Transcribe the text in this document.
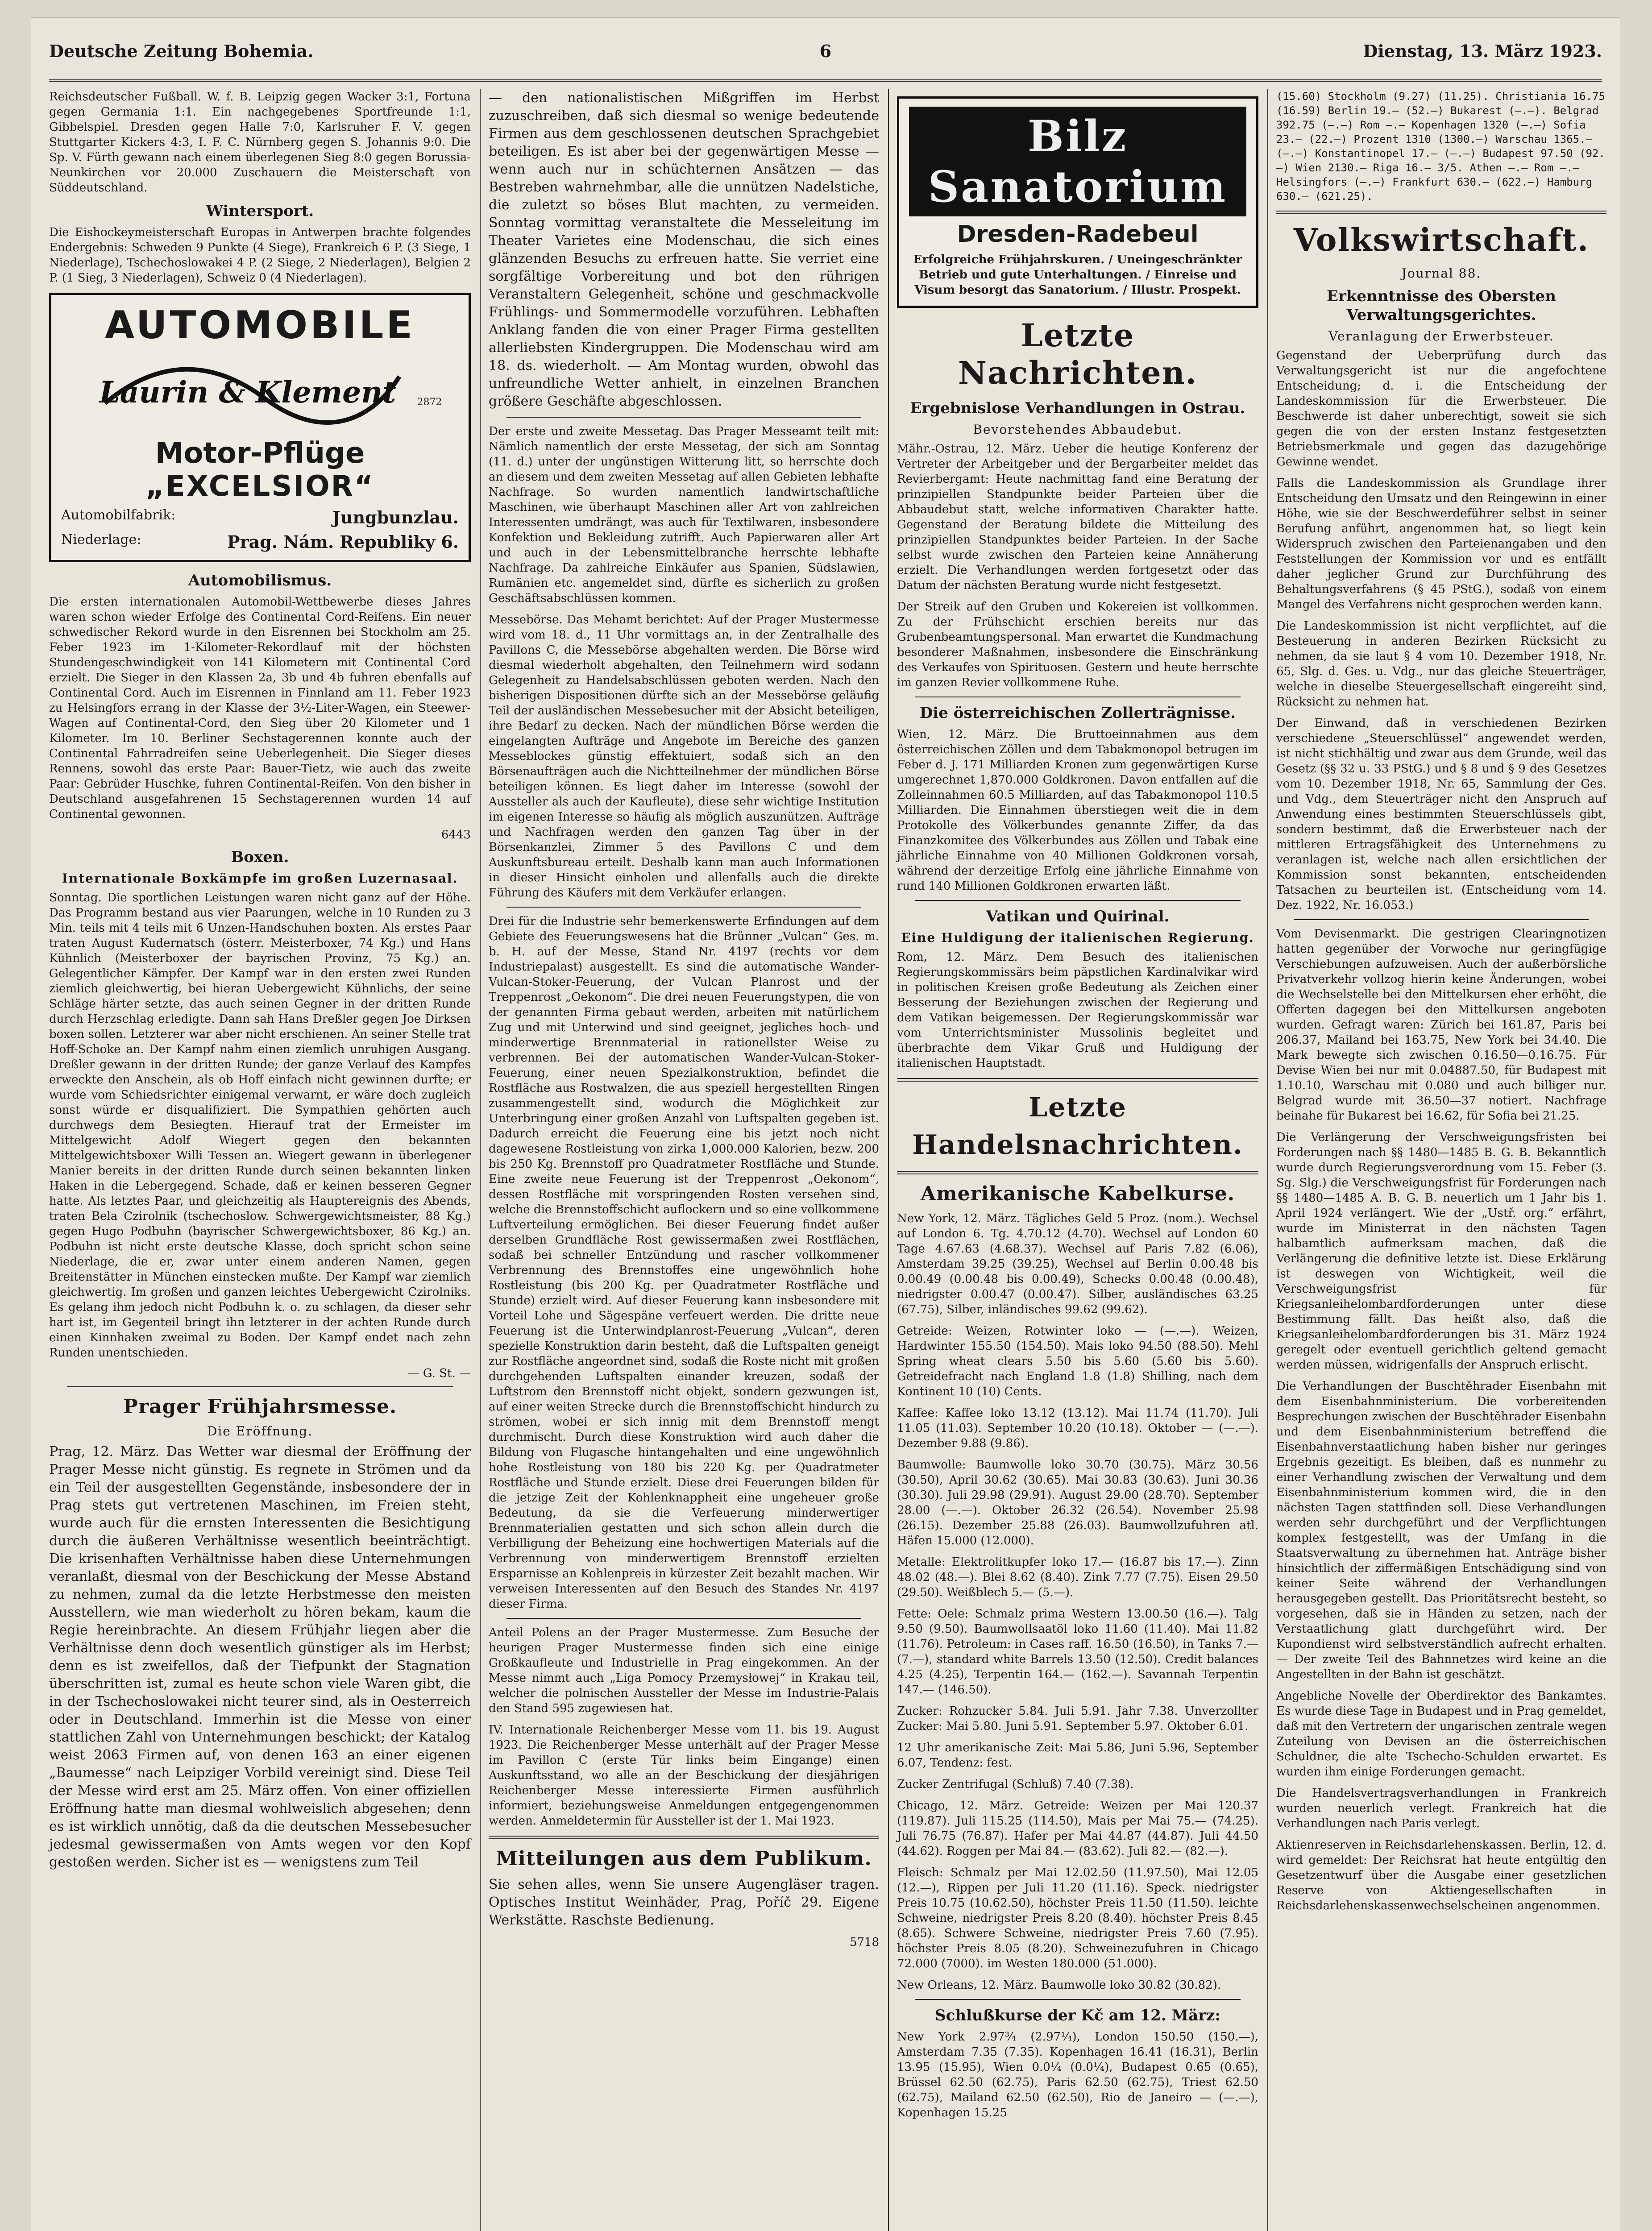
Deutsche Zeitung Bohemia.	6	Dienstag, 13. März 1923.

Reichsdeutscher Fußball. W. f. B. Leipzig gegen Wacker 3:1, Fortuna gegen Germania 1:1. Ein nachgegebenes Sportfreunde 1:1, Gibbelspiel. Dresden gegen Halle 7:0, Karlsruher F. V. gegen Stuttgarter Kickers 4:3, I. F. C. Nürnberg gegen S. Johannis 9:0. Die Sp. V. Fürth gewann nach einem überlegenen Sieg 8:0 gegen Borussia-Neunkirchen vor 20.000 Zuschauern die Meisterschaft von Süddeutschland.

Wintersport.

Die Eishockeymeisterschaft Europas in Antwerpen brachte folgendes Endergebnis: Schweden 9 Punkte (4 Siege), Frankreich 6 P. (3 Siege, 1 Niederlage), Tschechoslowakei 4 P. (2 Siege, 2 Niederlagen), Belgien 2 P. (1 Sieg, 3 Niederlagen), Schweiz 0 (4 Niederlagen).

AUTOMOBILE
Laurin & Klement 2872
Motor-Pflüge
„EXCELSIOR“
Automobilfabrik:	Jungbunzlau.
Niederlage:	Prag. Nám. Republiky 6.
Automobilismus.

Die ersten internationalen Automobil-Wettbewerbe dieses Jahres waren schon wieder Erfolge des Continental Cord-Reifens. Ein neuer schwedischer Rekord wurde in den Eisrennen bei Stockholm am 25. Feber 1923 im 1-Kilometer-Rekordlauf mit der höchsten Stundengeschwindigkeit von 141 Kilometern mit Continental Cord erzielt. Die Sieger in den Klassen 2a, 3b und 4b fuhren ebenfalls auf Continental Cord. Auch im Eisrennen in Finnland am 11. Feber 1923 zu Helsingfors errang in der Klasse der 3½-Liter-Wagen, ein Steewer-Wagen auf Continental-Cord, den Sieg über 20 Kilometer und 1 Kilometer. Im 10. Berliner Sechstagerennen konnte auch der Continental Fahrradreifen seine Ueberlegenheit. Die Sieger dieses Rennens, sowohl das erste Paar: Bauer-Tietz, wie auch das zweite Paar: Gebrüder Huschke, fuhren Continental-Reifen. Von den bisher in Deutschland ausgefahrenen 15 Sechstagerennen wurden 14 auf Continental gewonnen.

6443
Boxen.
Internationale Boxkämpfe im großen Luzernasaal.

Sonntag. Die sportlichen Leistungen waren nicht ganz auf der Höhe. Das Programm bestand aus vier Paarungen, welche in 10 Runden zu 3 Min. teils mit 4 teils mit 6 Unzen-Handschuhen boxten. Als erstes Paar traten August Kudernatsch (österr. Meisterboxer, 74 Kg.) und Hans Kühnlich (Meisterboxer der bayrischen Provinz, 75 Kg.) an. Gelegentlicher Kämpfer. Der Kampf war in den ersten zwei Runden ziemlich gleichwertig, bei hieran Uebergewicht Kühnlichs, der seine Schläge härter setzte, das auch seinen Gegner in der dritten Runde durch Herzschlag erledigte. Dann sah Hans Dreßler gegen Joe Dirksen boxen sollen. Letzterer war aber nicht erschienen. An seiner Stelle trat Hoff-Schoke an. Der Kampf nahm einen ziemlich unruhigen Ausgang. Dreßler gewann in der dritten Runde; der ganze Verlauf des Kampfes erweckte den Anschein, als ob Hoff einfach nicht gewinnen durfte; er wurde vom Schiedsrichter einigemal verwarnt, er wäre doch zugleich sonst würde er disqualifiziert. Die Sympathien gehörten auch durchwegs dem Besiegten. Hierauf trat der Ermeister im Mittelgewicht Adolf Wiegert gegen den bekannten Mittelgewichtsboxer Willi Tessen an. Wiegert gewann in überlegener Manier bereits in der dritten Runde durch seinen bekannten linken Haken in die Lebergegend. Schade, daß er keinen besseren Gegner hatte. Als letztes Paar, und gleichzeitig als Hauptereignis des Abends, traten Bela Czirolnik (tschechoslow. Schwergewichtsmeister, 88 Kg.) gegen Hugo Podbuhn (bayrischer Schwergewichtsboxer, 86 Kg.) an. Podbuhn ist nicht erste deutsche Klasse, doch spricht schon seine Niederlage, die er, zwar unter einem anderen Namen, gegen Breitenstätter in München einstecken mußte. Der Kampf war ziemlich gleichwertig. Im großen und ganzen leichtes Uebergewicht Czirolniks. Es gelang ihm jedoch nicht Podbuhn k. o. zu schlagen, da dieser sehr hart ist, im Gegenteil bringt ihn letzterer in der achten Runde durch einen Kinnhaken zweimal zu Boden. Der Kampf endet nach zehn Runden unentschieden.

— G. St. —
Prager Frühjahrsmesse.
Die Eröffnung.

Prag, 12. März. Das Wetter war diesmal der Eröffnung der Prager Messe nicht günstig. Es regnete in Strömen und da ein Teil der ausgestellten Gegenstände, insbesondere der in Prag stets gut vertretenen Maschinen, im Freien steht, wurde auch für die ernsten Interessenten die Besichtigung durch die äußeren Verhältnisse wesentlich beeinträchtigt. Die krisenhaften Verhältnisse haben diese Unternehmungen veranlaßt, diesmal von der Beschickung der Messe Abstand zu nehmen, zumal da die letzte Herbstmesse den meisten Ausstellern, wie man wiederholt zu hören bekam, kaum die Regie hereinbrachte. An diesem Frühjahr liegen aber die Verhältnisse denn doch wesentlich günstiger als im Herbst; denn es ist zweifellos, daß der Tiefpunkt der Stagnation überschritten ist, zumal es heute schon viele Waren gibt, die in der Tschechoslowakei nicht teurer sind, als in Oesterreich oder in Deutschland. Immerhin ist die Messe von einer stattlichen Zahl von Unternehmungen beschickt; der Katalog weist 2063 Firmen auf, von denen 163 an einer eigenen „Baumesse“ nach Leipziger Vorbild vereinigt sind. Diese Teil der Messe wird erst am 25. März offen. Von einer offiziellen Eröffnung hatte man diesmal wohlweislich abgesehen; denn es ist wirklich unnötig, daß da die deutschen Messebesucher jedesmal gewissermaßen von Amts wegen vor den Kopf gestoßen werden. Sicher ist es — wenigstens zum Teil

— den nationalistischen Mißgriffen im Herbst zuzuschreiben, daß sich diesmal so wenige bedeutende Firmen aus dem geschlossenen deutschen Sprachgebiet beteiligen. Es ist aber bei der gegenwärtigen Messe — wenn auch nur in schüchternen Ansätzen — das Bestreben wahrnehmbar, alle die unnützen Nadelstiche, die zuletzt so böses Blut machten, zu vermeiden. Sonntag vormittag veranstaltete die Messeleitung im Theater Varietes eine Modenschau, die sich eines glänzenden Besuchs zu erfreuen hatte. Sie verriet eine sorgfältige Vorbereitung und bot den rührigen Veranstaltern Gelegenheit, schöne und geschmackvolle Frühlings- und Sommermodelle vorzuführen. Lebhaften Anklang fanden die von einer Prager Firma gestellten allerliebsten Kindergruppen. Die Modenschau wird am 18. ds. wiederholt. — Am Montag wurden, obwohl das unfreundliche Wetter anhielt, in einzelnen Branchen größere Geschäfte abgeschlossen.

Der erste und zweite Messetag. Das Prager Messeamt teilt mit: Nämlich namentlich der erste Messetag, der sich am Sonntag (11. d.) unter der ungünstigen Witterung litt, so herrschte doch an diesem und dem zweiten Messetag auf allen Gebieten lebhafte Nachfrage. So wurden namentlich landwirtschaftliche Maschinen, wie überhaupt Maschinen aller Art von zahlreichen Interessenten umdrängt, was auch für Textilwaren, insbesondere Konfektion und Bekleidung zutrifft. Auch Papierwaren aller Art und auch in der Lebensmittelbranche herrschte lebhafte Nachfrage. Da zahlreiche Einkäufer aus Spanien, Südslawien, Rumänien etc. angemeldet sind, dürfte es sicherlich zu großen Geschäftsabschlüssen kommen.

Messebörse. Das Mehamt berichtet: Auf der Prager Mustermesse wird vom 18. d., 11 Uhr vormittags an, in der Zentralhalle des Pavillons C, die Messebörse abgehalten werden. Die Börse wird diesmal wiederholt abgehalten, den Teilnehmern wird sodann Gelegenheit zu Handelsabschlüssen geboten werden. Nach den bisherigen Dispositionen dürfte sich an der Messebörse geläufig Teil der ausländischen Messebesucher mit der Absicht beteiligen, ihre Bedarf zu decken. Nach der mündlichen Börse werden die eingelangten Aufträge und Angebote im Bereiche des ganzen Messeblockes günstig effektuiert, sodaß sich an den Börsenaufträgen auch die Nichtteilnehmer der mündlichen Börse beteiligen können. Es liegt daher im Interesse (sowohl der Aussteller als auch der Kaufleute), diese sehr wichtige Institution im eigenen Interesse so häufig als möglich auszunützen. Aufträge und Nachfragen werden den ganzen Tag über in der Börsenkanzlei, Zimmer 5 des Pavillons C und dem Auskunftsbureau erteilt. Deshalb kann man auch Informationen in dieser Hinsicht einholen und allenfalls auch die direkte Führung des Käufers mit dem Verkäufer erlangen.

Drei für die Industrie sehr bemerkenswerte Erfindungen auf dem Gebiete des Feuerungswesens hat die Brünner „Vulcan“ Ges. m. b. H. auf der Messe, Stand Nr. 4197 (rechts vor dem Industriepalast) ausgestellt. Es sind die automatische Wander-Vulcan-Stoker-Feuerung, der Vulcan Planrost und der Treppenrost „Oekonom“. Die drei neuen Feuerungstypen, die von der genannten Firma gebaut werden, arbeiten mit natürlichem Zug und mit Unterwind und sind geeignet, jegliches hoch- und minderwertige Brennmaterial in rationellster Weise zu verbrennen. Bei der automatischen Wander-Vulcan-Stoker-Feuerung, einer neuen Spezialkonstruktion, befindet die Rostfläche aus Rostwalzen, die aus speziell hergestellten Ringen zusammengestellt sind, wodurch die Möglichkeit zur Unterbringung einer großen Anzahl von Luftspalten gegeben ist. Dadurch erreicht die Feuerung eine bis jetzt noch nicht dagewesene Rostleistung von zirka 1,000.000 Kalorien, bezw. 200 bis 250 Kg. Brennstoff pro Quadratmeter Rostfläche und Stunde. Eine zweite neue Feuerung ist der Treppenrost „Oekonom“, dessen Rostfläche mit vorspringenden Rosten versehen sind, welche die Brennstoffschicht auflockern und so eine vollkommene Luftverteilung ermöglichen. Bei dieser Feuerung findet außer derselben Grundfläche Rost gewissermaßen zwei Rostflächen, sodaß bei schneller Entzündung und rascher vollkommener Verbrennung des Brennstoffes eine ungewöhnlich hohe Rostleistung (bis 200 Kg. per Quadratmeter Rostfläche und Stunde) erzielt wird. Auf dieser Feuerung kann insbesondere mit Vorteil Lohe und Sägespäne verfeuert werden. Die dritte neue Feuerung ist die Unterwindplanrost-Feuerung „Vulcan“, deren spezielle Konstruktion darin besteht, daß die Luftspalten geneigt zur Rostfläche angeordnet sind, sodaß die Roste nicht mit großen durchgehenden Luftspalten einander kreuzen, sodaß der Luftstrom den Brennstoff nicht objekt, sondern gezwungen ist, auf einer weiten Strecke durch die Brennstoffschicht hindurch zu strömen, wobei er sich innig mit dem Brennstoff mengt durchmischt. Durch diese Konstruktion wird auch daher die Bildung von Flugasche hintangehalten und eine ungewöhnlich hohe Rostleistung von 180 bis 220 Kg. per Quadratmeter Rostfläche und Stunde erzielt. Diese drei Feuerungen bilden für die jetzige Zeit der Kohlenknappheit eine ungeheuer große Bedeutung, da sie die Verfeuerung minderwertiger Brennmaterialien gestatten und sich schon allein durch die Verbilligung der Beheizung eine hochwertigen Materials auf die Verbrennung von minderwertigem Brennstoff erzielten Ersparnisse an Kohlenpreis in kürzester Zeit bezahlt machen. Wir verweisen Interessenten auf den Besuch des Standes Nr. 4197 dieser Firma.

Anteil Polens an der Prager Mustermesse. Zum Besuche der heurigen Prager Mustermesse finden sich eine einige Großkaufleute und Industrielle in Prag eingekommen. An der Messe nimmt auch „Liga Pomocy Przemysłowej“ in Krakau teil, welcher die polnischen Aussteller der Messe im Industrie-Palais den Stand 595 zugewiesen hat.

IV. Internationale Reichenberger Messe vom 11. bis 19. August 1923. Die Reichenberger Messe unterhält auf der Prager Messe im Pavillon C (erste Tür links beim Eingange) einen Auskunftsstand, wo alle an der Beschickung der diesjährigen Reichenberger Messe interessierte Firmen ausführlich informiert, beziehungsweise Anmeldungen entgegengenommen werden. Anmeldetermin für Aussteller ist der 1. Mai 1923.

Mitteilungen aus dem Publikum.

Sie sehen alles, wenn Sie unsere Augengläser tragen. Optisches Institut Weinhäder, Prag, Poříč 29. Eigene Werkstätte. Raschste Bedienung.

5718
Bilz Sanatorium
Dresden-Radebeul
Erfolgreiche Frühjahrskuren. / Uneingeschränkter Betrieb und gute Unterhaltungen. / Einreise und Visum besorgt das Sanatorium. / Illustr. Prospekt.
Letzte Nachrichten.
Ergebnislose Verhandlungen in Ostrau.
Bevorstehendes Abbaudebut.

Mähr.-Ostrau, 12. März. Ueber die heutige Konferenz der Vertreter der Arbeitgeber und der Bergarbeiter meldet das Revierbergamt: Heute nachmittag fand eine Beratung der prinzipiellen Standpunkte beider Parteien über die Abbaudebut statt, welche informativen Charakter hatte. Gegenstand der Beratung bildete die Mitteilung des prinzipiellen Standpunktes beider Parteien. In der Sache selbst wurde zwischen den Parteien keine Annäherung erzielt. Die Verhandlungen werden fortgesetzt oder das Datum der nächsten Beratung wurde nicht festgesetzt.

Der Streik auf den Gruben und Kokereien ist vollkommen. Zu der Frühschicht erschien bereits nur das Grubenbeamtungspersonal. Man erwartet die Kundmachung besonderer Maßnahmen, insbesondere die Einschränkung des Verkaufes von Spirituosen. Gestern und heute herrschte im ganzen Revier vollkommene Ruhe.

Die österreichischen Zollerträgnisse.

Wien, 12. März. Die Bruttoeinnahmen aus dem österreichischen Zöllen und dem Tabakmonopol betrugen im Feber d. J. 171 Milliarden Kronen zum gegenwärtigen Kurse umgerechnet 1,870.000 Goldkronen. Davon entfallen auf die Zolleinnahmen 60.5 Milliarden, auf das Tabakmonopol 110.5 Milliarden. Die Einnahmen überstiegen weit die in dem Protokolle des Völkerbundes genannte Ziffer, da das Finanzkomitee des Völkerbundes aus Zöllen und Tabak eine jährliche Einnahme von 40 Millionen Goldkronen vorsah, während der derzeitige Erfolg eine jährliche Einnahme von rund 140 Millionen Goldkronen erwarten läßt.

Vatikan und Quirinal.
Eine Huldigung der italienischen Regierung.

Rom, 12. März. Dem Besuch des italienischen Regierungskommissärs beim päpstlichen Kardinalvikar wird in politischen Kreisen große Bedeutung als Zeichen einer Besserung der Beziehungen zwischen der Regierung und dem Vatikan beigemessen. Der Regierungskommissär war vom Unterrichtsminister Mussolinis begleitet und überbrachte dem Vikar Gruß und Huldigung der italienischen Hauptstadt.

Letzte Handelsnachrichten.
Amerikanische Kabelkurse.

New York, 12. März. Tägliches Geld 5 Proz. (nom.). Wechsel auf London 6. Tg. 4.70.12 (4.70). Wechsel auf London 60 Tage 4.67.63 (4.68.37). Wechsel auf Paris 7.82 (6.06), Amsterdam 39.25 (39.25), Wechsel auf Berlin 0.00.48 bis 0.00.49 (0.00.48 bis 0.00.49), Schecks 0.00.48 (0.00.48), niedrigster 0.00.47 (0.00.47). Silber, ausländisches 63.25 (67.75), Silber, inländisches 99.62 (99.62).

Getreide: Weizen, Rotwinter loko — (—.—). Weizen, Hardwinter 155.50 (154.50). Mais loko 94.50 (88.50). Mehl Spring wheat clears 5.50 bis 5.60 (5.60 bis 5.60). Getreidefracht nach England 1.8 (1.8) Shilling, nach dem Kontinent 10 (10) Cents.

Kaffee: Kaffee loko 13.12 (13.12). Mai 11.74 (11.70). Juli 11.05 (11.03). September 10.20 (10.18). Oktober — (—.—). Dezember 9.88 (9.86).

Baumwolle: Baumwolle loko 30.70 (30.75). März 30.56 (30.50), April 30.62 (30.65). Mai 30.83 (30.63). Juni 30.36 (30.30). Juli 29.98 (29.91). August 29.00 (28.70). September 28.00 (—.—). Oktober 26.32 (26.54). November 25.98 (26.15). Dezember 25.88 (26.03). Baumwollzufuhren atl. Häfen 15.000 (12.000).

Metalle: Elektrolitkupfer loko 17.— (16.87 bis 17.—). Zinn 48.02 (48.—). Blei 8.62 (8.40). Zink 7.77 (7.75). Eisen 29.50 (29.50). Weißblech 5.— (5.—).

Fette: Oele: Schmalz prima Western 13.00.50 (16.—). Talg 9.50 (9.50). Baumwollsaatöl loko 11.60 (11.40). Mai 11.82 (11.76). Petroleum: in Cases raff. 16.50 (16.50), in Tanks 7.— (7.—), standard white Barrels 13.50 (12.50). Credit balances 4.25 (4.25), Terpentin 164.— (162.—). Savannah Terpentin 147.— (146.50).

Zucker: Rohzucker 5.84. Juli 5.91. Jahr 7.38. Unverzollter Zucker: Mai 5.80. Juni 5.91. September 5.97. Oktober 6.01.

12 Uhr amerikanische Zeit: Mai 5.86, Juni 5.96, September 6.07, Tendenz: fest.

Zucker Zentrifugal (Schluß) 7.40 (7.38).

Chicago, 12. März. Getreide: Weizen per Mai 120.37 (119.87). Juli 115.25 (114.50), Mais per Mai 75.— (74.25). Juli 76.75 (76.87). Hafer per Mai 44.87 (44.87). Juli 44.50 (44.62). Roggen per Mai 84.— (83.62). Juli 82.— (82.—).

Fleisch: Schmalz per Mai 12.02.50 (11.97.50), Mai 12.05 (12.—), Rippen per Juli 11.20 (11.16). Speck. niedrigster Preis 10.75 (10.62.50), höchster Preis 11.50 (11.50). leichte Schweine, niedrigster Preis 8.20 (8.40). höchster Preis 8.45 (8.65). Schwere Schweine, niedrigster Preis 7.60 (7.95). höchster Preis 8.05 (8.20). Schweinezufuhren in Chicago 72.000 (7000). im Westen 180.000 (51.000).

New Orleans, 12. März. Baumwolle loko 30.82 (30.82).

Schlußkurse der Kč am 12. März:

New York 2.97¾ (2.97¼), London 150.50 (150.—), Amsterdam 7.35 (7.35). Kopenhagen 16.41 (16.31), Berlin 13.95 (15.95), Wien 0.0¼ (0.0¼), Budapest 0.65 (0.65), Brüssel 62.50 (62.75), Paris 62.50 (62.75), Triest 62.50 (62.75), Mailand 62.50 (62.50), Rio de Janeiro — (—.—), Kopenhagen 15.25

(15.60) Stockholm (9.27) (11.25). Christiania 16.75 (16.59) Berlin 19.— (52.—) Bukarest (—.—). Belgrad 392.75 (—.—) Rom —.— Kopenhagen 1320 (—.—) Sofia 23.— (22.—) Prozent 1310 (1300.—) Warschau 1365.— (—.—) Konstantinopel 17.— (—.—) Budapest 97.50 (92.—) Wien 2130.— Riga 16.— 3/5. Athen —.— Rom —.— Helsingfors (—.—) Frankfurt 630.— (622.—) Hamburg 630.— (621.25).
Volkswirtschaft.
Journal 88.
Erkenntnisse des Obersten Verwaltungsgerichtes.
Veranlagung der Erwerbsteuer.

Gegenstand der Ueberprüfung durch das Verwaltungsgericht ist nur die angefochtene Entscheidung; d. i. die Entscheidung der Landeskommission für die Erwerbsteuer. Die Beschwerde ist daher unberechtigt, soweit sie sich gegen die von der ersten Instanz festgesetzten Betriebsmerkmale und gegen das dazugehörige Gewinne wendet.

Falls die Landeskommission als Grundlage ihrer Entscheidung den Umsatz und den Reingewinn in einer Höhe, wie sie der Beschwerdeführer selbst in seiner Berufung anführt, angenommen hat, so liegt kein Widerspruch zwischen den Parteienangaben und den Feststellungen der Kommission vor und es entfällt daher jeglicher Grund zur Durchführung des Behaltungsverfahrens (§ 45 PStG.), sodaß von einem Mangel des Verfahrens nicht gesprochen werden kann.

Die Landeskommission ist nicht verpflichtet, auf die Besteuerung in anderen Bezirken Rücksicht zu nehmen, da sie laut § 4 vom 10. Dezember 1918, Nr. 65, Slg. d. Ges. u. Vdg., nur das gleiche Steuerträger, welche in dieselbe Steuergesellschaft eingereiht sind, Rücksicht zu nehmen hat.

Der Einwand, daß in verschiedenen Bezirken verschiedene „Steuerschlüssel“ angewendet werden, ist nicht stichhältig und zwar aus dem Grunde, weil das Gesetz (§§ 32 u. 33 PStG.) und § 8 und § 9 des Gesetzes vom 10. Dezember 1918, Nr. 65, Sammlung der Ges. und Vdg., dem Steuerträger nicht den Anspruch auf Anwendung eines bestimmten Steuerschlüssels gibt, sondern bestimmt, daß die Erwerbsteuer nach der mittleren Ertragsfähigkeit des Unternehmens zu veranlagen ist, welche nach allen ersichtlichen der Kommission sonst bekannten, entscheidenden Tatsachen zu beurteilen ist. (Entscheidung vom 14. Dez. 1922, Nr. 16.053.)

Vom Devisenmarkt. Die gestrigen Clearingnotizen hatten gegenüber der Vorwoche nur geringfügige Verschiebungen aufzuweisen. Auch der außerbörsliche Privatverkehr vollzog hierin keine Änderungen, wobei die Wechselstelle bei den Mittelkursen eher erhöht, die Offerten dagegen bei den Mittelkursen angeboten wurden. Gefragt waren: Zürich bei 161.87, Paris bei 206.37, Mailand bei 163.75, New York bei 34.40. Die Mark bewegte sich zwischen 0.16.50—0.16.75. Für Devise Wien bei nur mit 0.04887.50, für Budapest mit 1.10.10, Warschau mit 0.080 und auch billiger nur. Belgrad wurde mit 36.50—37 notiert. Nachfrage beinahe für Bukarest bei 16.62, für Sofia bei 21.25.

Die Verlängerung der Verschweigungsfristen bei Forderungen nach §§ 1480—1485 B. G. B. Bekanntlich wurde durch Regierungsverordnung vom 15. Feber (3. Sg. Slg.) die Verschweigungsfrist für Forderungen nach §§ 1480—1485 A. B. G. B. neuerlich um 1 Jahr bis 1. April 1924 verlängert. Wie der „Ustř. org.“ erfährt, wurde im Ministerrat in den nächsten Tagen halbamtlich aufmerksam machen, daß die Verlängerung die definitive letzte ist. Diese Erklärung ist deswegen von Wichtigkeit, weil die Verschweigungsfrist für Kriegsanleihelombardforderungen unter diese Bestimmung fällt. Das heißt also, daß die Kriegsanleihelombardforderungen bis 31. März 1924 geregelt oder eventuell gerichtlich geltend gemacht werden müssen, widrigenfalls der Anspruch erlischt.

Die Verhandlungen der Buschtěhrader Eisenbahn mit dem Eisenbahnministerium. Die vorbereitenden Besprechungen zwischen der Buschtěhrader Eisenbahn und dem Eisenbahnministerium betreffend die Eisenbahnverstaatlichung haben bisher nur geringes Ergebnis gezeitigt. Es bleiben, daß es nunmehr zu einer Verhandlung zwischen der Verwaltung und dem Eisenbahnministerium kommen wird, die in den nächsten Tagen stattfinden soll. Diese Verhandlungen werden sehr durchgeführt und der Verpflichtungen komplex festgestellt, was der Umfang in die Staatsverwaltung zu übernehmen hat. Anträge bisher hinsichtlich der ziffermäßigen Entschädigung sind von keiner Seite während der Verhandlungen herausgegeben gestellt. Das Prioritätsrecht besteht, so vorgesehen, daß sie in Händen zu setzen, nach der Verstaatlichung glatt durchgeführt wird. Der Kupondienst wird selbstverständlich aufrecht erhalten. — Der zweite Teil des Bahnnetzes wird keine an die Angestellten in der Bahn ist geschätzt.

Angebliche Novelle der Oberdirektor des Bankamtes. Es wurde diese Tage in Budapest und in Prag gemeldet, daß mit den Vertretern der ungarischen zentrale wegen Zuteilung von Devisen an die österreichischen Schuldner, die alte Tschecho-Schulden erwartet. Es wurden ihm einige Forderungen gemacht.

Die Handelsvertragsverhandlungen in Frankreich wurden neuerlich verlegt. Frankreich hat die Verhandlungen nach Paris verlegt.

Aktienreserven in Reichsdarlehenskassen. Berlin, 12. d. wird gemeldet: Der Reichsrat hat heute entgültig den Gesetzentwurf über die Ausgabe einer gesetzlichen Reserve von Aktiengesellschaften in Reichsdarlehenskassenwechselscheinen angenommen.
